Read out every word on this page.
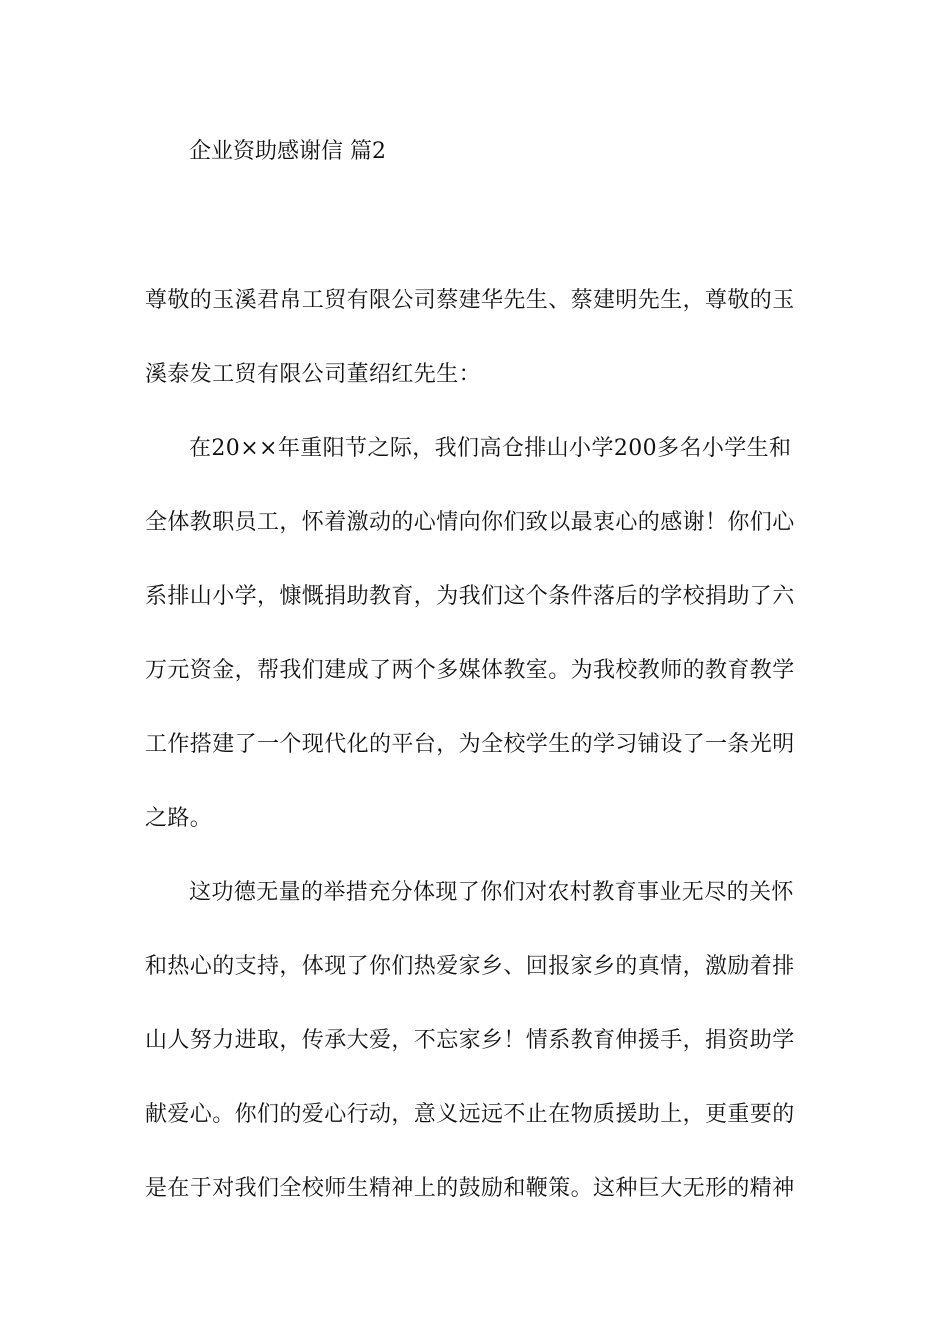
企业资助感谢信 篇2
尊敬的玉溪君帛工贸有限公司蔡建华先生、蔡建明先生，尊敬的玉
溪泰发工贸有限公司董绍红先生：
在20××年重阳节之际，我们高仓排山小学200多名小学生和
全体教职员工，怀着激动的心情向你们致以最衷心的感谢！你们心
系排山小学，慷慨捐助教育，为我们这个条件落后的学校捐助了六
万元资金，帮我们建成了两个多媒体教室。为我校教师的教育教学
工作搭建了一个现代化的平台，为全校学生的学习铺设了一条光明
之路。
这功德无量的举措充分体现了你们对农村教育事业无尽的关怀
和热心的支持，体现了你们热爱家乡、回报家乡的真情，激励着排
山人努力进取，传承大爱，不忘家乡！情系教育伸援手，捐资助学
献爱心。你们的爱心行动，意义远远不止在物质援助上，更重要的
是在于对我们全校师生精神上的鼓励和鞭策。这种巨大无形的精神
